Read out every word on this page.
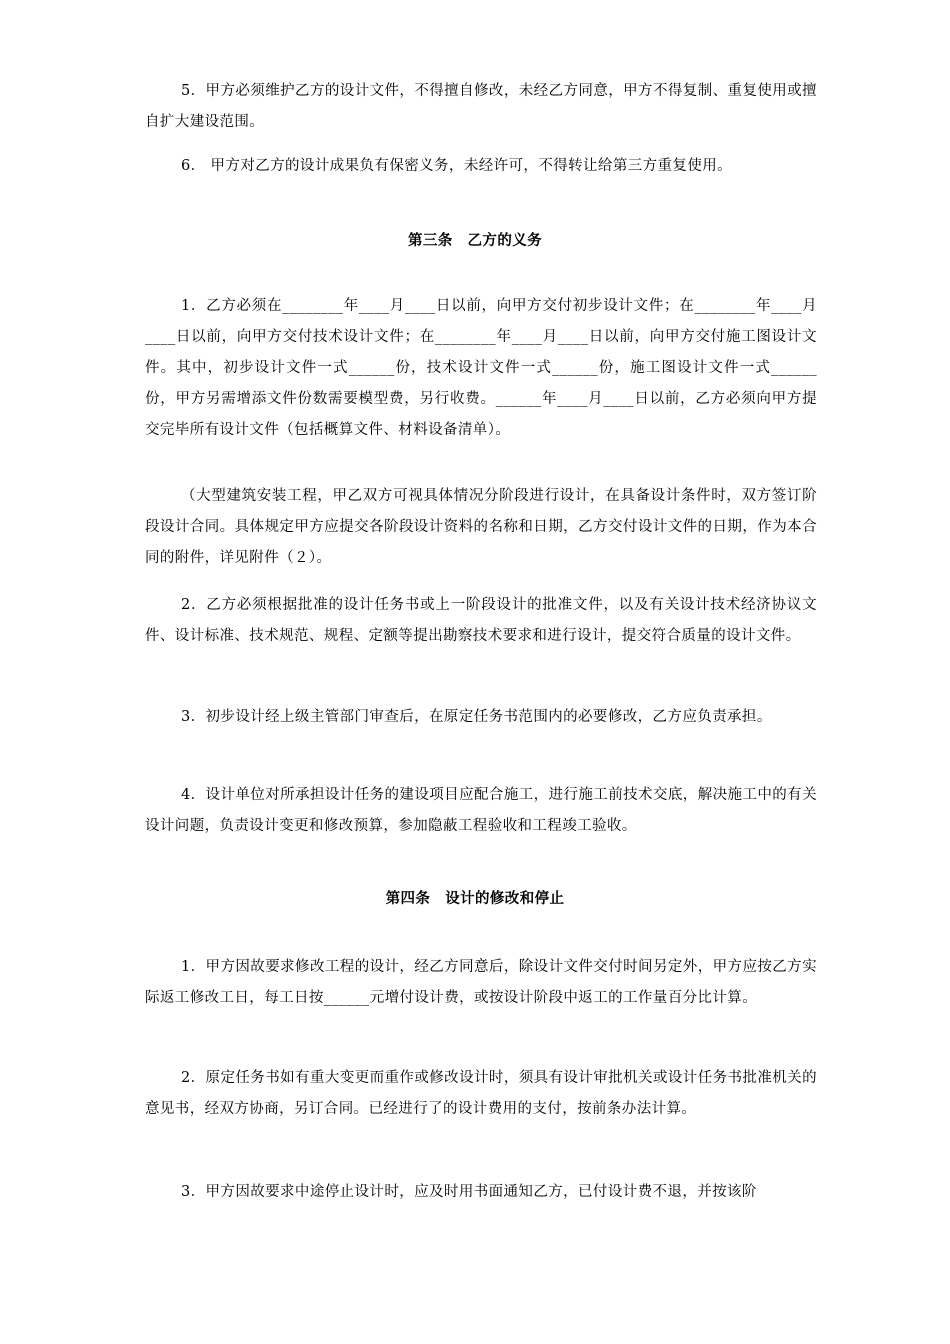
5．甲方必须维护乙方的设计文件，不得擅自修改，未经乙方同意，甲方不得复制、重复使用或擅自扩大建设范围。
6． 甲方对乙方的设计成果负有保密义务，未经许可，不得转让给第三方重复使用。
第三条　乙方的义务
1．乙方必须在________年____月____日以前，向甲方交付初步设计文件；在________年____月____日以前，向甲方交付技术设计文件；在________年____月____日以前，向甲方交付施工图设计文件。其中，初步设计文件一式______份，技术设计文件一式______份，施工图设计文件一式______份，甲方另需增添文件份数需要模型费，另行收费。______年____月____日以前，乙方必须向甲方提交完毕所有设计文件（包括概算文件、材料设备清单）。
（大型建筑安装工程，甲乙双方可视具体情况分阶段进行设计，在具备设计条件时，双方签订阶段设计合同。具体规定甲方应提交各阶段设计资料的名称和日期，乙方交付设计文件的日期，作为本合同的附件，详见附件（２）。
2．乙方必须根据批准的设计任务书或上一阶段设计的批准文件，以及有关设计技术经济协议文件、设计标准、技术规范、规程、定额等提出勘察技术要求和进行设计，提交符合质量的设计文件。
3．初步设计经上级主管部门审查后，在原定任务书范围内的必要修改，乙方应负责承担。
4．设计单位对所承担设计任务的建设项目应配合施工，进行施工前技术交底，解决施工中的有关设计问题，负责设计变更和修改预算，参加隐蔽工程验收和工程竣工验收。
第四条　设计的修改和停止
1．甲方因故要求修改工程的设计，经乙方同意后，除设计文件交付时间另定外，甲方应按乙方实际返工修改工日，每工日按______元增付设计费，或按设计阶段中返工的工作量百分比计算。
2．原定任务书如有重大变更而重作或修改设计时，须具有设计审批机关或设计任务书批准机关的意见书，经双方协商，另订合同。已经进行了的设计费用的支付，按前条办法计算。
3．甲方因故要求中途停止设计时，应及时用书面通知乙方，已付设计费不退，并按该阶
